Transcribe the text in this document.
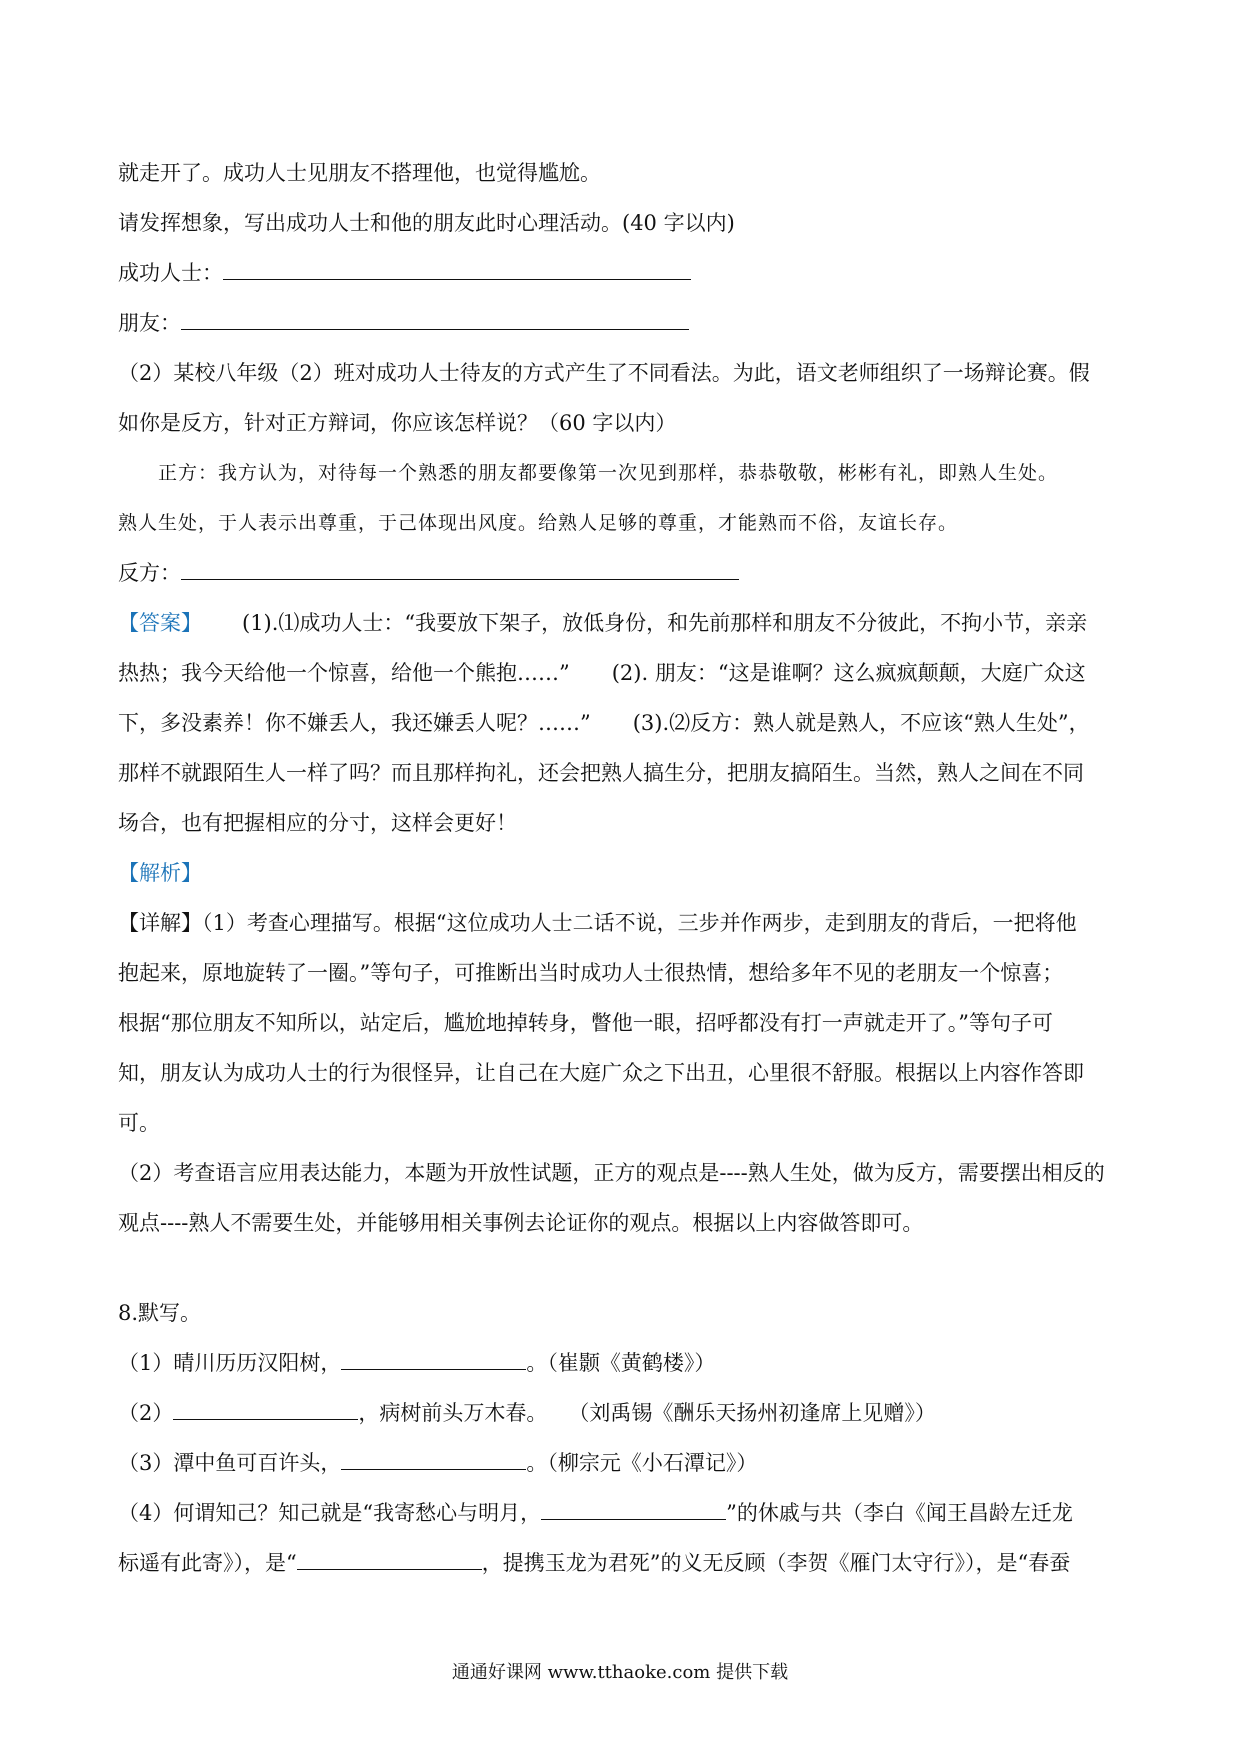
就走开了。成功人士见朋友不搭理他，也觉得尴尬。
请发挥想象，写出成功人士和他的朋友此时心理活动。(40 字以内)
成功人士：
朋友：
（2）某校八年级（2）班对成功人士待友的方式产生了不同看法。为此，语文老师组织了一场辩论赛。假
如你是反方，针对正方辩词，你应该怎样说？（60 字以内）
正方：我方认为，对待每一个熟悉的朋友都要像第一次见到那样，恭恭敬敬，彬彬有礼，即熟人生处。
熟人生处，于人表示出尊重，于己体现出风度。给熟人足够的尊重，才能熟而不俗，友谊长存。
反方：
【答案】 (1).⑴成功人士：“我要放下架子，放低身份，和先前那样和朋友不分彼此，不拘小节，亲亲
热热；我今天给他一个惊喜，给他一个熊抱……”　　(2). 朋友：“这是谁啊？这么疯疯颠颠，大庭广众这
下，多没素养！你不嫌丢人，我还嫌丢人呢？……”　　(3).⑵反方：熟人就是熟人，不应该“熟人生处”，
那样不就跟陌生人一样了吗？而且那样拘礼，还会把熟人搞生分，把朋友搞陌生。当然，熟人之间在不同
场合，也有把握相应的分寸，这样会更好！
【解析】
【详解】（1）考查心理描写。根据“这位成功人士二话不说，三步并作两步，走到朋友的背后，一把将他
抱起来，原地旋转了一圈。”等句子，可推断出当时成功人士很热情，想给多年不见的老朋友一个惊喜；
根据“那位朋友不知所以，站定后，尴尬地掉转身，瞥他一眼，招呼都没有打一声就走开了。”等句子可
知，朋友认为成功人士的行为很怪异，让自己在大庭广众之下出丑，心里很不舒服。根据以上内容作答即
可。
（2）考查语言应用表达能力，本题为开放性试题，正方的观点是----熟人生处，做为反方，需要摆出相反的
观点----熟人不需要生处，并能够用相关事例去论证你的观点。根据以上内容做答即可。
8.默写。
（1）晴川历历汉阳树，	。（崔颢《黄鹤楼》）
（2）	，病树前头万木春。　　（刘禹锡《酬乐天扬州初逢席上见赠》）
（3）潭中鱼可百许头，	。（柳宗元《小石潭记》）
（4）何谓知己？知己就是“我寄愁心与明月，	”的休戚与共（李白《闻王昌龄左迁龙
标遥有此寄》），是“	，提携玉龙为君死”的义无反顾（李贺《雁门太守行》），是“春蚕
通通好课网 www.tthaoke.com 提供下载
